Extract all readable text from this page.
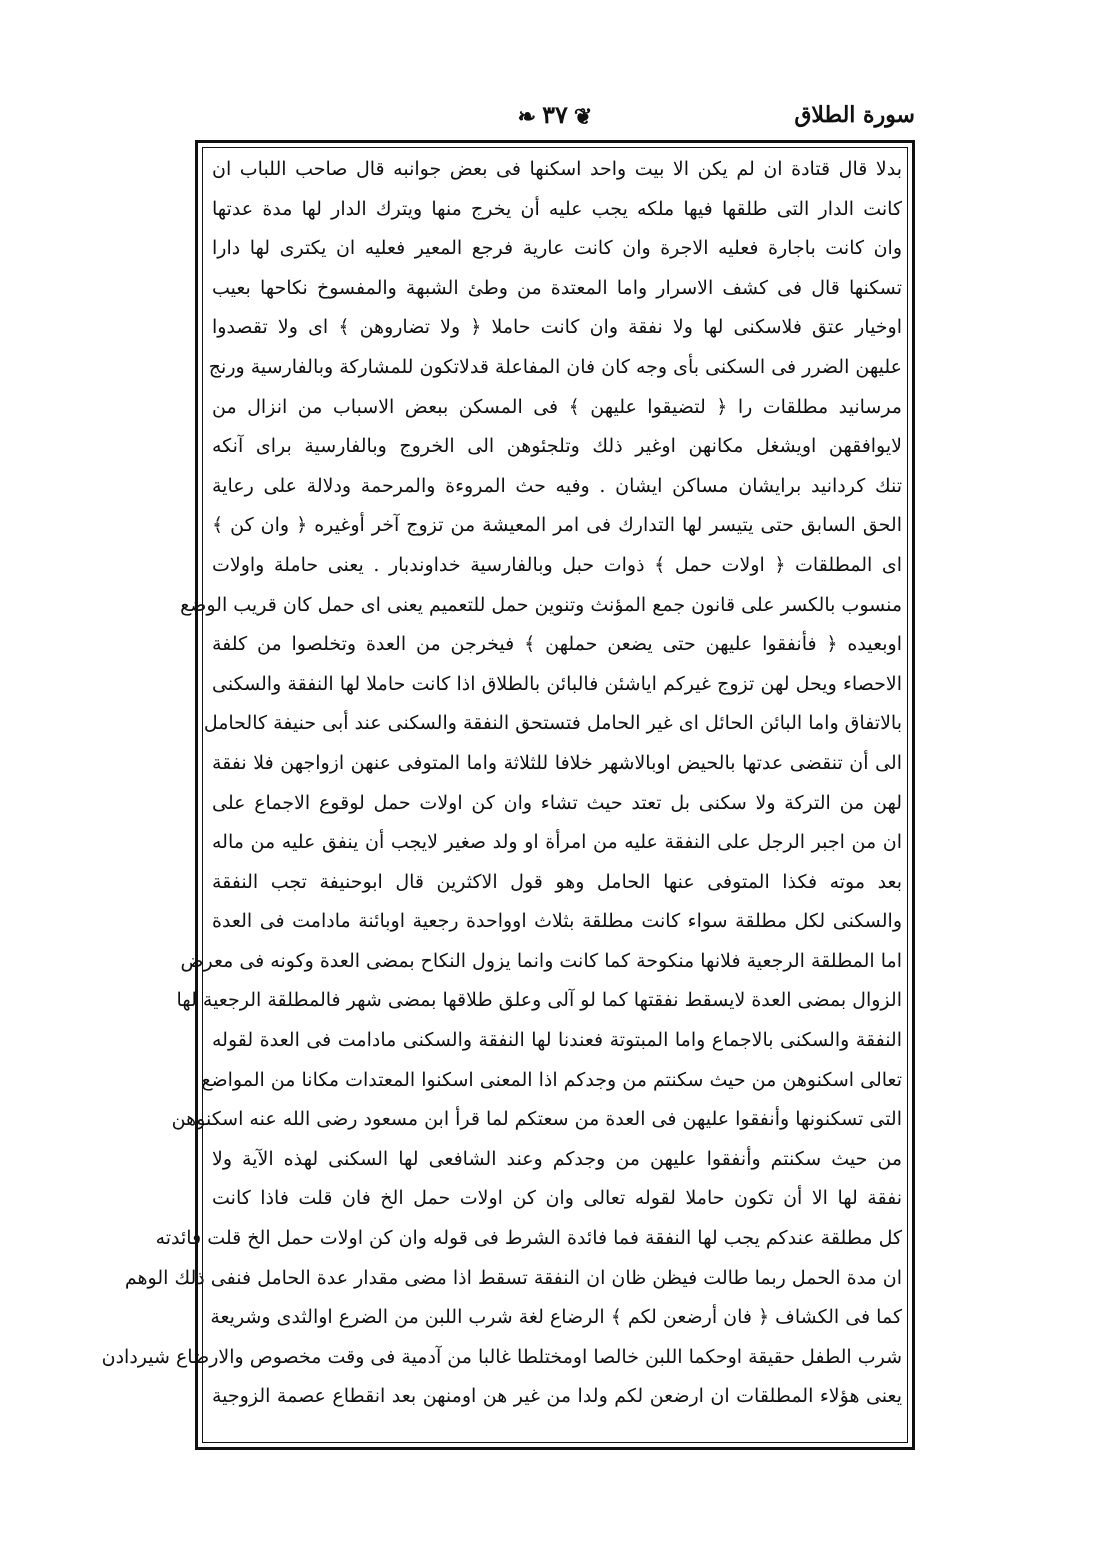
❦٣٧❧	سورة الطلاق
بدلا قال قتادة ان لم يكن الا بيت واحد اسكنها فى بعض جوانبه قال صاحب اللباب ان
كانت الدار التى طلقها فيها ملكه يجب عليه أن يخرج منها ويترك الدار لها مدة عدتها
وان كانت باجارة فعليه الاجرة وان كانت عارية فرجع المعير فعليه ان يكترى لها دارا
تسكنها قال فى كشف الاسرار واما المعتدة من وطئ الشبهة والمفسوخ نكاحها بعيب
اوخيار عتق فلاسكنى لها ولا نفقة وان كانت حاملا ﴿ ولا تضاروهن ﴾ اى ولا تقصدوا
عليهن الضرر فى السكنى بأى وجه كان فان المفاعلة قدلاتكون للمشاركة وبالفارسية ورنج
مرسانيد مطلقات را ﴿ لتضيقوا عليهن ﴾ فى المسكن ببعض الاسباب من انزال من
لايوافقهن اويشغل مكانهن اوغير ذلك وتلجئوهن الى الخروج وبالفارسية براى آنكه
تنك كردانيد برايشان مساكن ايشان . وفيه حث المروءة والمرحمة ودلالة على رعاية
الحق السابق حتى يتيسر لها التدارك فى امر المعيشة من تزوج آخر أوغيره ﴿ وان كن ﴾
اى المطلقات ﴿ اولات حمل ﴾ ذوات حبل وبالفارسية خداوندبار . يعنى حاملة واولات
منسوب بالكسر على قانون جمع المؤنث وتنوين حمل للتعميم يعنى اى حمل كان قريب الوضع
اوبعيده ﴿ فأنفقوا عليهن حتى يضعن حملهن ﴾ فيخرجن من العدة وتخلصوا من كلفة
الاحصاء ويحل لهن تزوج غيركم اياشئن فالبائن بالطلاق اذا كانت حاملا لها النفقة والسكنى
بالاتفاق واما البائن الحائل اى غير الحامل فتستحق النفقة والسكنى عند أبى حنيفة كالحامل
الى أن تنقضى عدتها بالحيض اوبالاشهر خلافا للثلاثة واما المتوفى عنهن ازواجهن فلا نفقة
لهن من التركة ولا سكنى بل تعتد حيث تشاء وان كن اولات حمل لوقوع الاجماع على
ان من اجبر الرجل على النفقة عليه من امرأة او ولد صغير لايجب أن ينفق عليه من ماله
بعد موته فكذا المتوفى عنها الحامل وهو قول الاكثرين قال ابوحنيفة تجب النفقة
والسكنى لكل مطلقة سواء كانت مطلقة بثلاث اوواحدة رجعية اوبائنة مادامت فى العدة
اما المطلقة الرجعية فلانها منكوحة كما كانت وانما يزول النكاح بمضى العدة وكونه فى معرض
الزوال بمضى العدة لايسقط نفقتها كما لو آلى وعلق طلاقها بمضى شهر فالمطلقة الرجعية لها
النفقة والسكنى بالاجماع واما المبتوتة فعندنا لها النفقة والسكنى مادامت فى العدة لقوله
تعالى اسكنوهن من حيث سكنتم من وجدكم اذا المعنى اسكنوا المعتدات مكانا من المواضع
التى تسكنونها وأنفقوا عليهن فى العدة من سعتكم لما قرأ ابن مسعود رضى الله عنه اسكنوهن
من حيث سكنتم وأنفقوا عليهن من وجدكم وعند الشافعى لها السكنى لهذه الآية ولا
نفقة لها الا أن تكون حاملا لقوله تعالى وان كن اولات حمل الخ فان قلت فاذا كانت
كل مطلقة عندكم يجب لها النفقة فما فائدة الشرط فى قوله وان كن اولات حمل الخ قلت فائدته
ان مدة الحمل ربما طالت فيظن ظان ان النفقة تسقط اذا مضى مقدار عدة الحامل فنفى ذلك الوهم
كما فى الكشاف ﴿ فان أرضعن لكم ﴾ الرضاع لغة شرب اللبن من الضرع اوالثدى وشريعة
شرب الطفل حقيقة اوحكما اللبن خالصا اومختلطا غالبا من آدمية فى وقت مخصوص والارضاع شيردادن
يعنى هؤلاء المطلقات ان ارضعن لكم ولدا من غير هن اومنهن بعد انقطاع عصمة الزوجية
